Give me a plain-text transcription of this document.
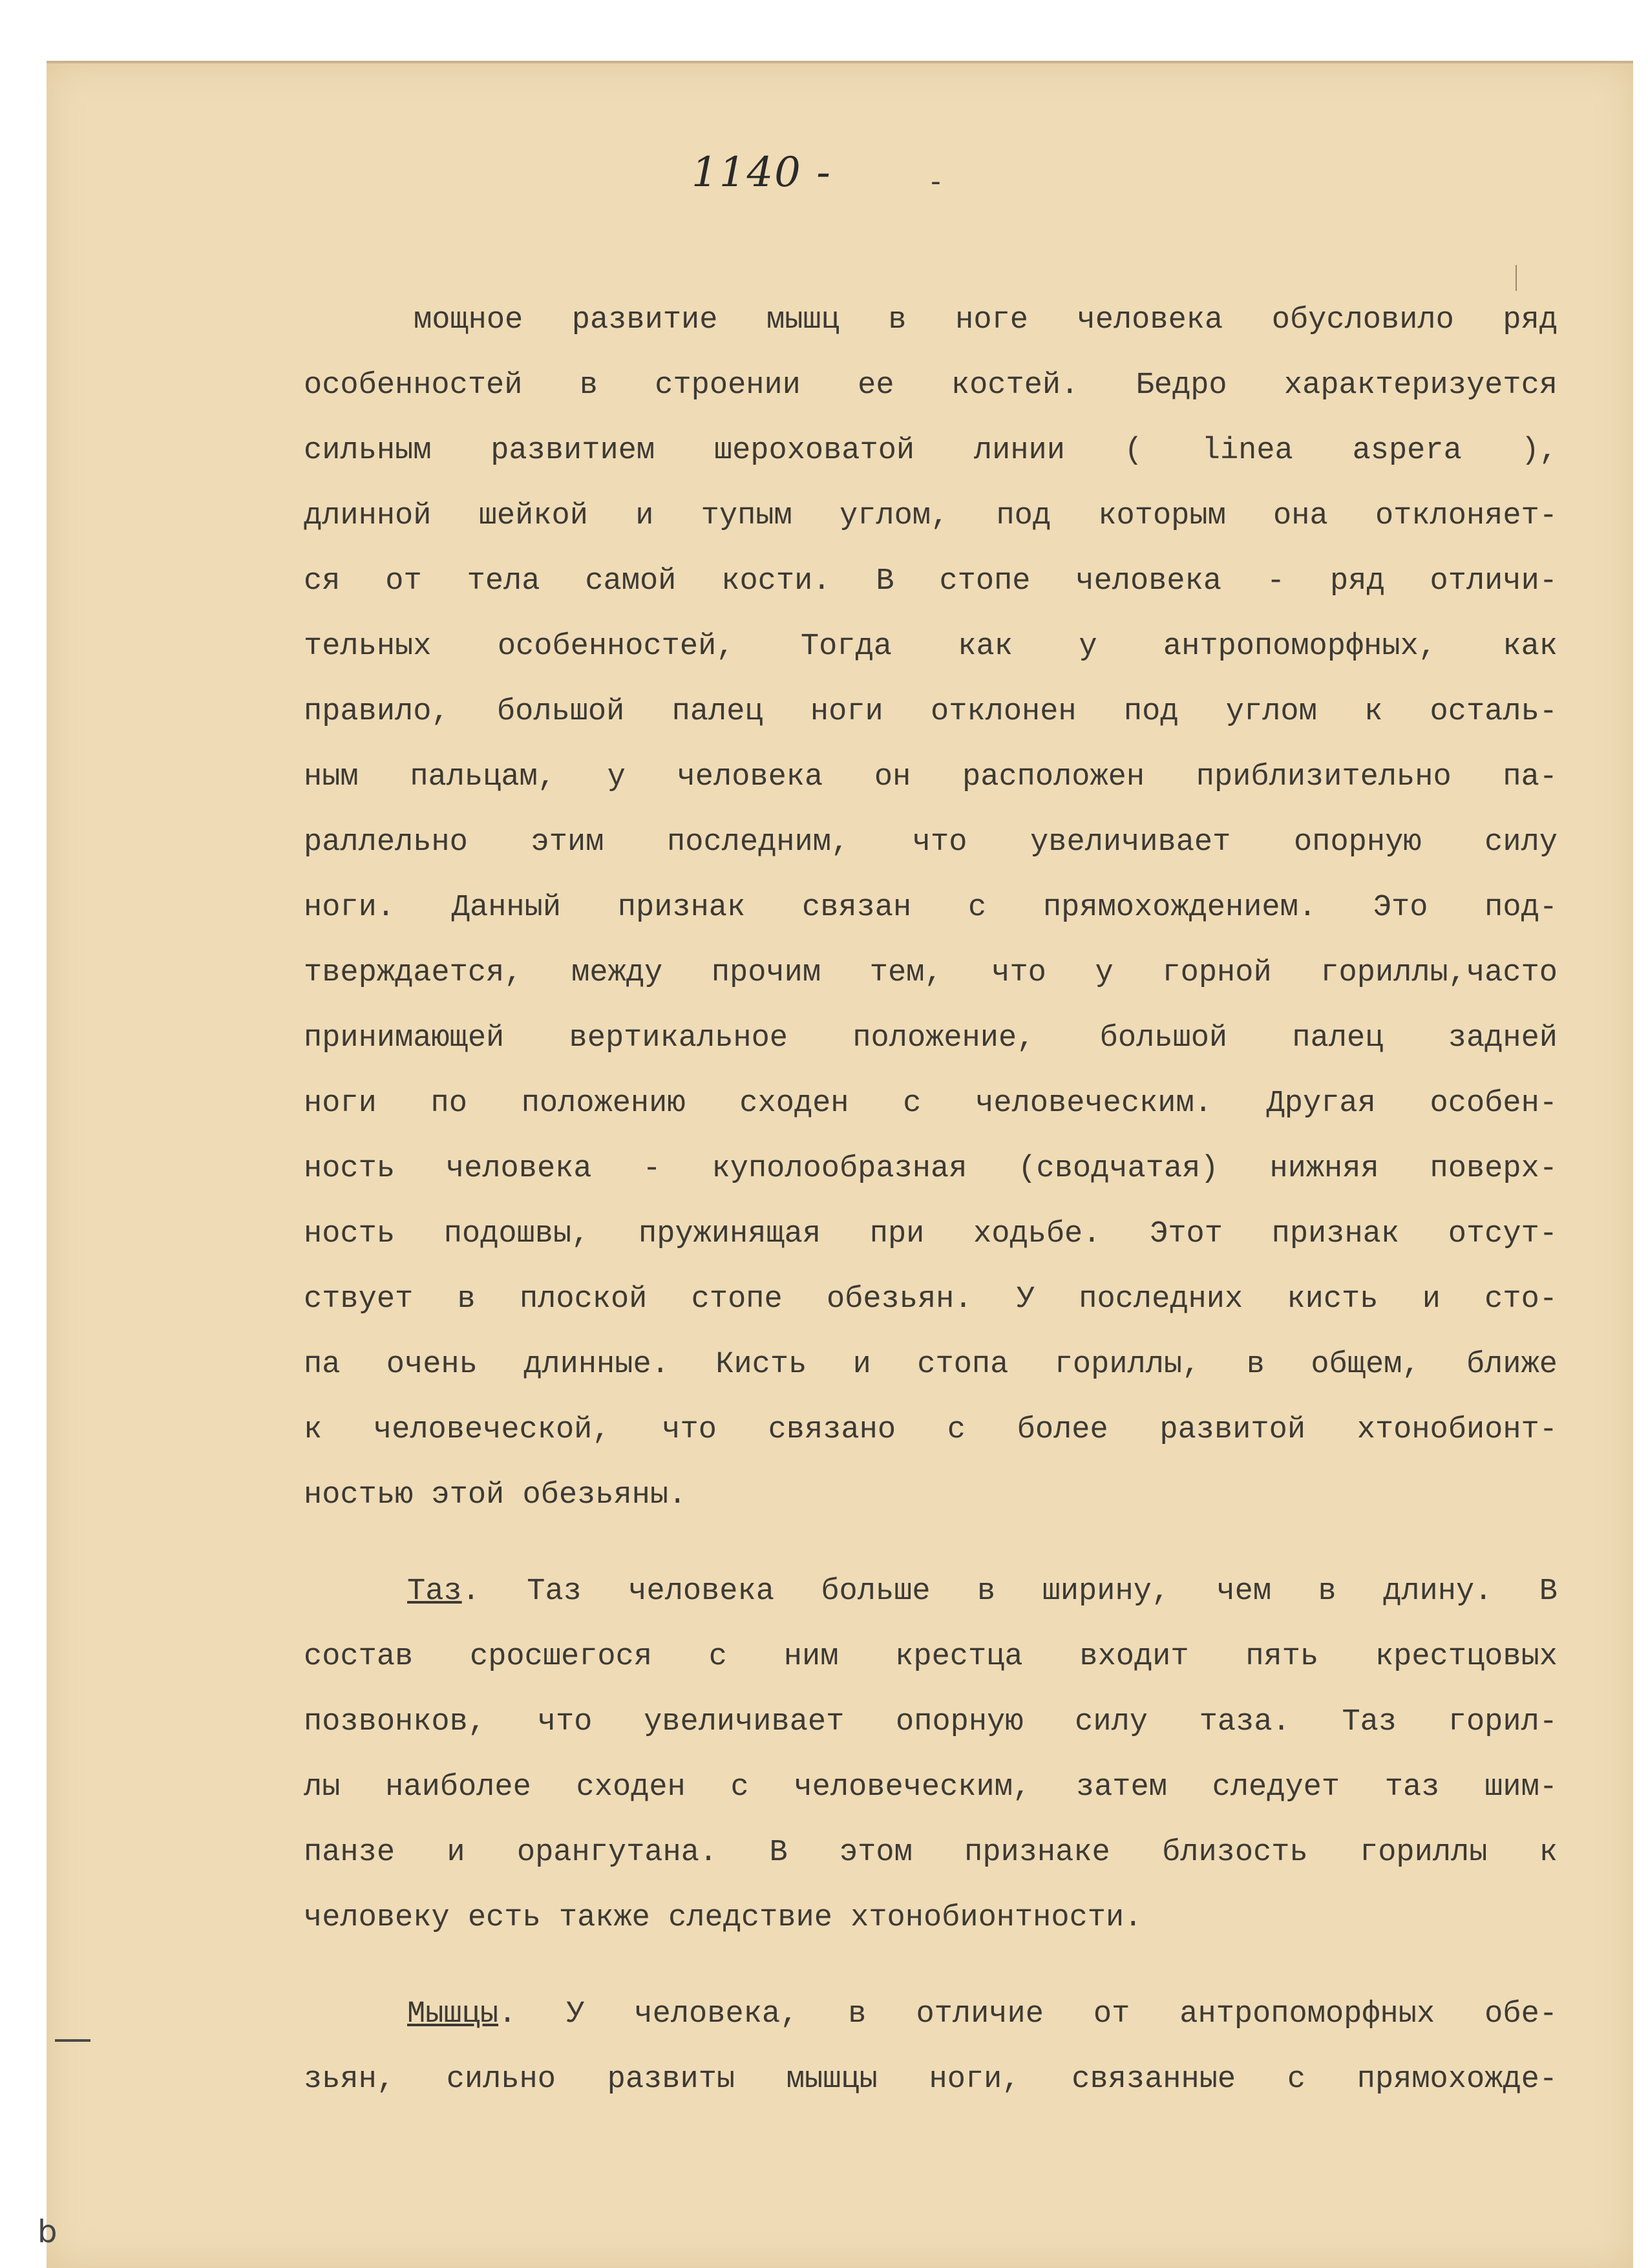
1140 -	-

мощное развитие мышц в ноге человека обусловило ряд

особенностей в строении ее костей. Бедро характеризуется

сильным развитием шероховатой линии ( linea aspera ),

длинной шейкой и тупым углом, под которым она отклоняет-

ся от тела самой кости. В стопе человека - ряд отличи-

тельных особенностей, Тогда как у антропоморфных, как

правило, большой палец ноги отклонен под углом к осталь-

ным пальцам, у человека он расположен приблизительно па-

раллельно этим последним, что увеличивает опорную силу

ноги. Данный признак связан с прямохождением. Это под-

тверждается, между прочим тем, что у горной гориллы,часто

принимающей вертикальное положение, большой палец задней

ноги по положению сходен с человеческим. Другая особен-

ность человека - куполообразная (сводчатая) нижняя поверх-

ность подошвы, пружинящая при ходьбе. Этот признак отсут-

ствует в плоской стопе обезьян. У последних кисть и сто-

па очень длинные. Кисть и стопа гориллы, в общем, ближе

к человеческой, что связано с более развитой хтонобионт-

ностью этой обезьяны.

Таз. Таз человека больше в ширину, чем в длину. В

состав сросшегося с ним крестца входит пять крестцовых

позвонков, что увеличивает опорную силу таза. Таз горил-

лы наиболее сходен с человеческим, затем следует таз шим-

панзе и орангутана. В этом признаке близость гориллы к

человеку есть также следствие хтонобионтности.

Мышцы. У человека, в отличие от антропоморфных обе-

зьян, сильно развиты мышцы ноги, связанные с прямохожде-

b
